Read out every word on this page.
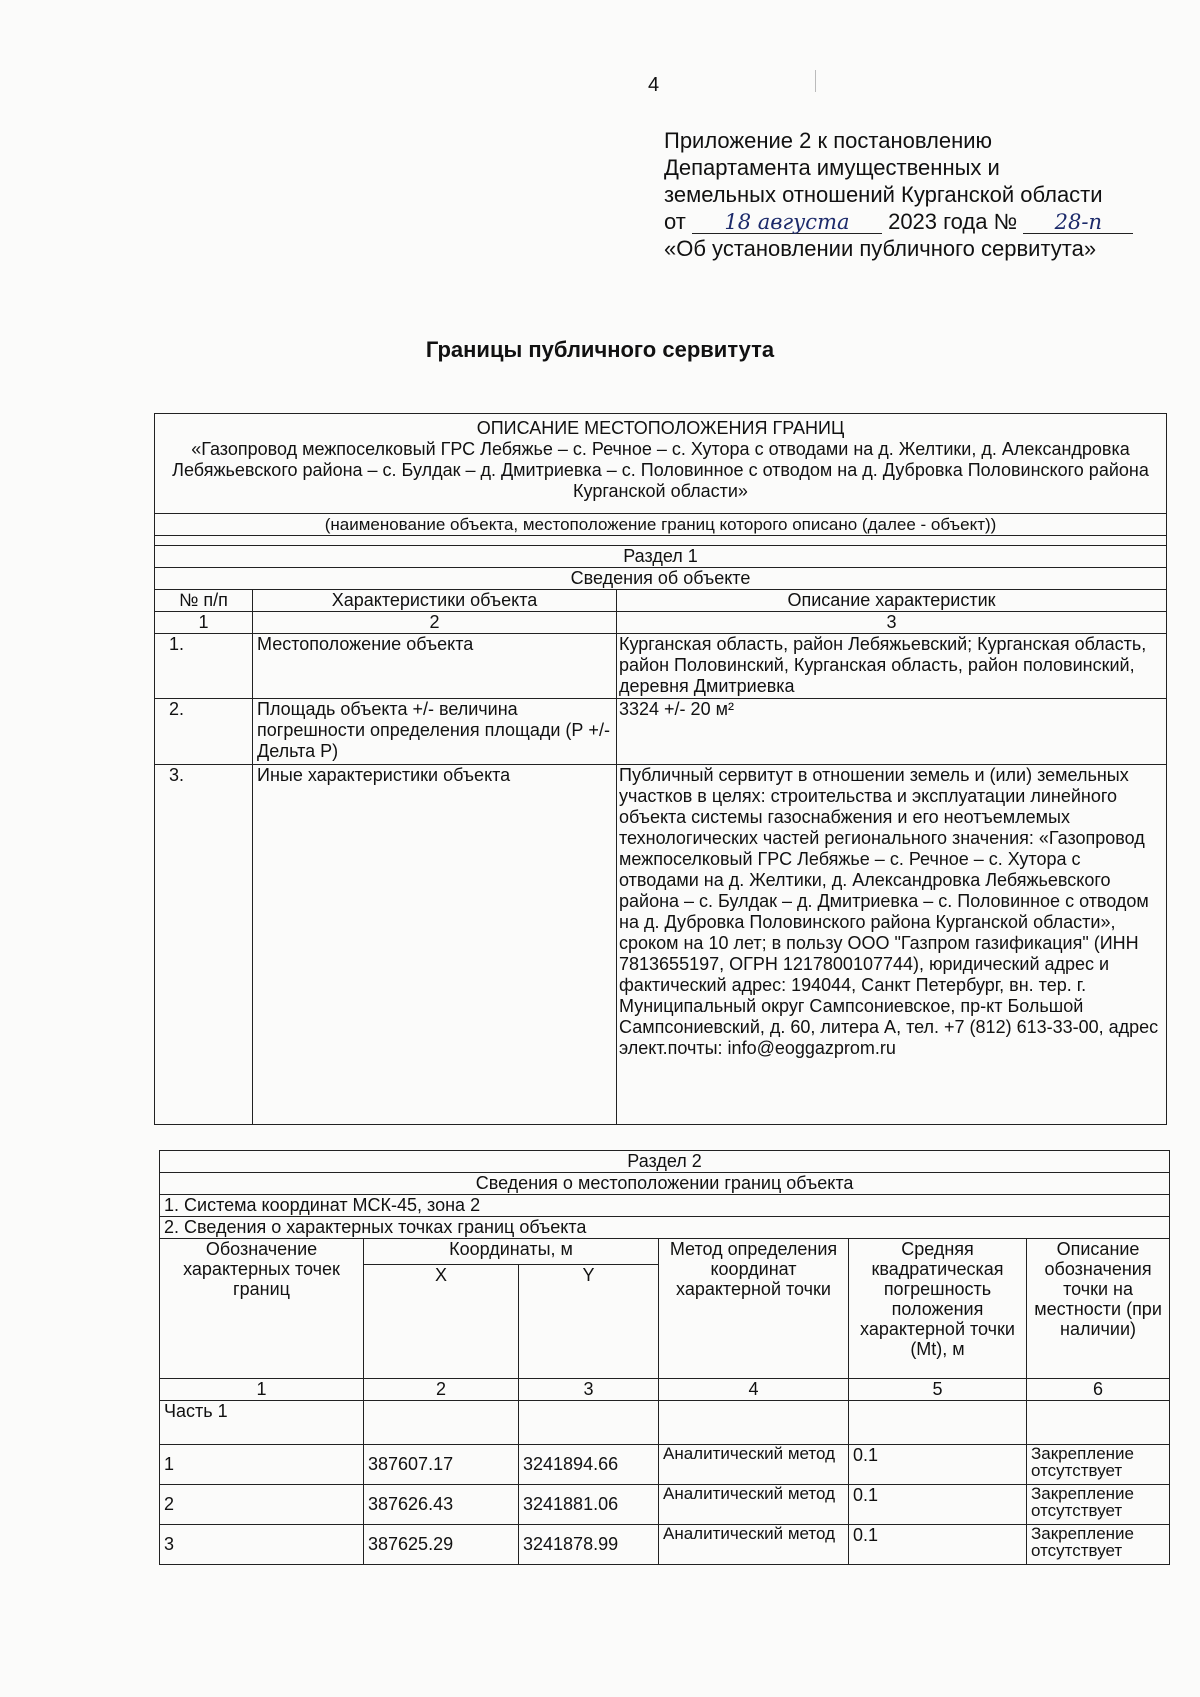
4
Приложение 2 к постановлению
Департамента имущественных и
земельных отношений Курганской области
от 18 августа 2023 года № 28-п
«Об установлении публичного сервитута»
Границы публичного сервитута
ОПИСАНИЕ МЕСТОПОЛОЖЕНИЯ ГРАНИЦ
«Газопровод межпоселковый ГРС Лебяжье – с. Речное – с. Хутора с отводами на д. Желтики, д. Александровка Лебяжьевского района – с. Булдак – д. Дмитриевка – с. Половинное с отводом на д. Дубровка Половинского района Курганской области»		

(наименование объекта, местоположение границ которого описано (далее - объект))		

Раздел 1		
Сведения об объекте		
№ п/п	Характеристики объекта	Описание характеристик
1	2	3
1.	Местоположение объекта	Курганская область, район Лебяжьевский; Курганская область, район Половинский, Курганская область, район половинский, деревня Дмитриевка
2.	Площадь объекта +/- величина погрешности определения площади (Р +/- Дельта Р)	3324 +/- 20 м²
3.	Иные характеристики объекта	Публичный сервитут в отношении земель и (или) земельных участков в целях: строительства и эксплуатации линейного объекта системы газоснабжения и его неотъемлемых технологических частей регионального значения: «Газопровод межпоселковый ГРС Лебяжье – с. Речное – с. Хутора с отводами на д. Желтики, д. Александровка Лебяжьевского района – с. Булдак – д. Дмитриевка – с. Половинное с отводом на д. Дубровка Половинского района Курганской области», сроком на 10 лет; в пользу ООО "Газпром газификация" (ИНН 7813655197, ОГРН 1217800107744), юридический адрес и фактический адрес: 194044, Санкт Петербург, вн. тер. г. Муниципальный округ Сампсониевское, пр-кт Большой Сампсониевский, д. 60, литера А, тел. +7 (812) 613-33-00, адрес элект.почты: info@eoggazprom.ru
Раздел 2					
Сведения о местоположении границ объекта					
1. Система координат МСК-45, зона 2					
2. Сведения о характерных точках границ объекта					
Обозначение характерных точек границ	Координаты, м		Метод определения координат характерной точки	Средняя квадратическая погрешность положения характерной точки (Mt), м	Описание обозначения точки на местности (при наличии)
	X	Y			
1	2	3	4	5	6
Часть 1					
1	387607.17	3241894.66	Аналитический метод	0.1	Закрепление отсутствует
2	387626.43	3241881.06	Аналитический метод	0.1	Закрепление отсутствует
3	387625.29	3241878.99	Аналитический метод	0.1	Закрепление отсутствует
